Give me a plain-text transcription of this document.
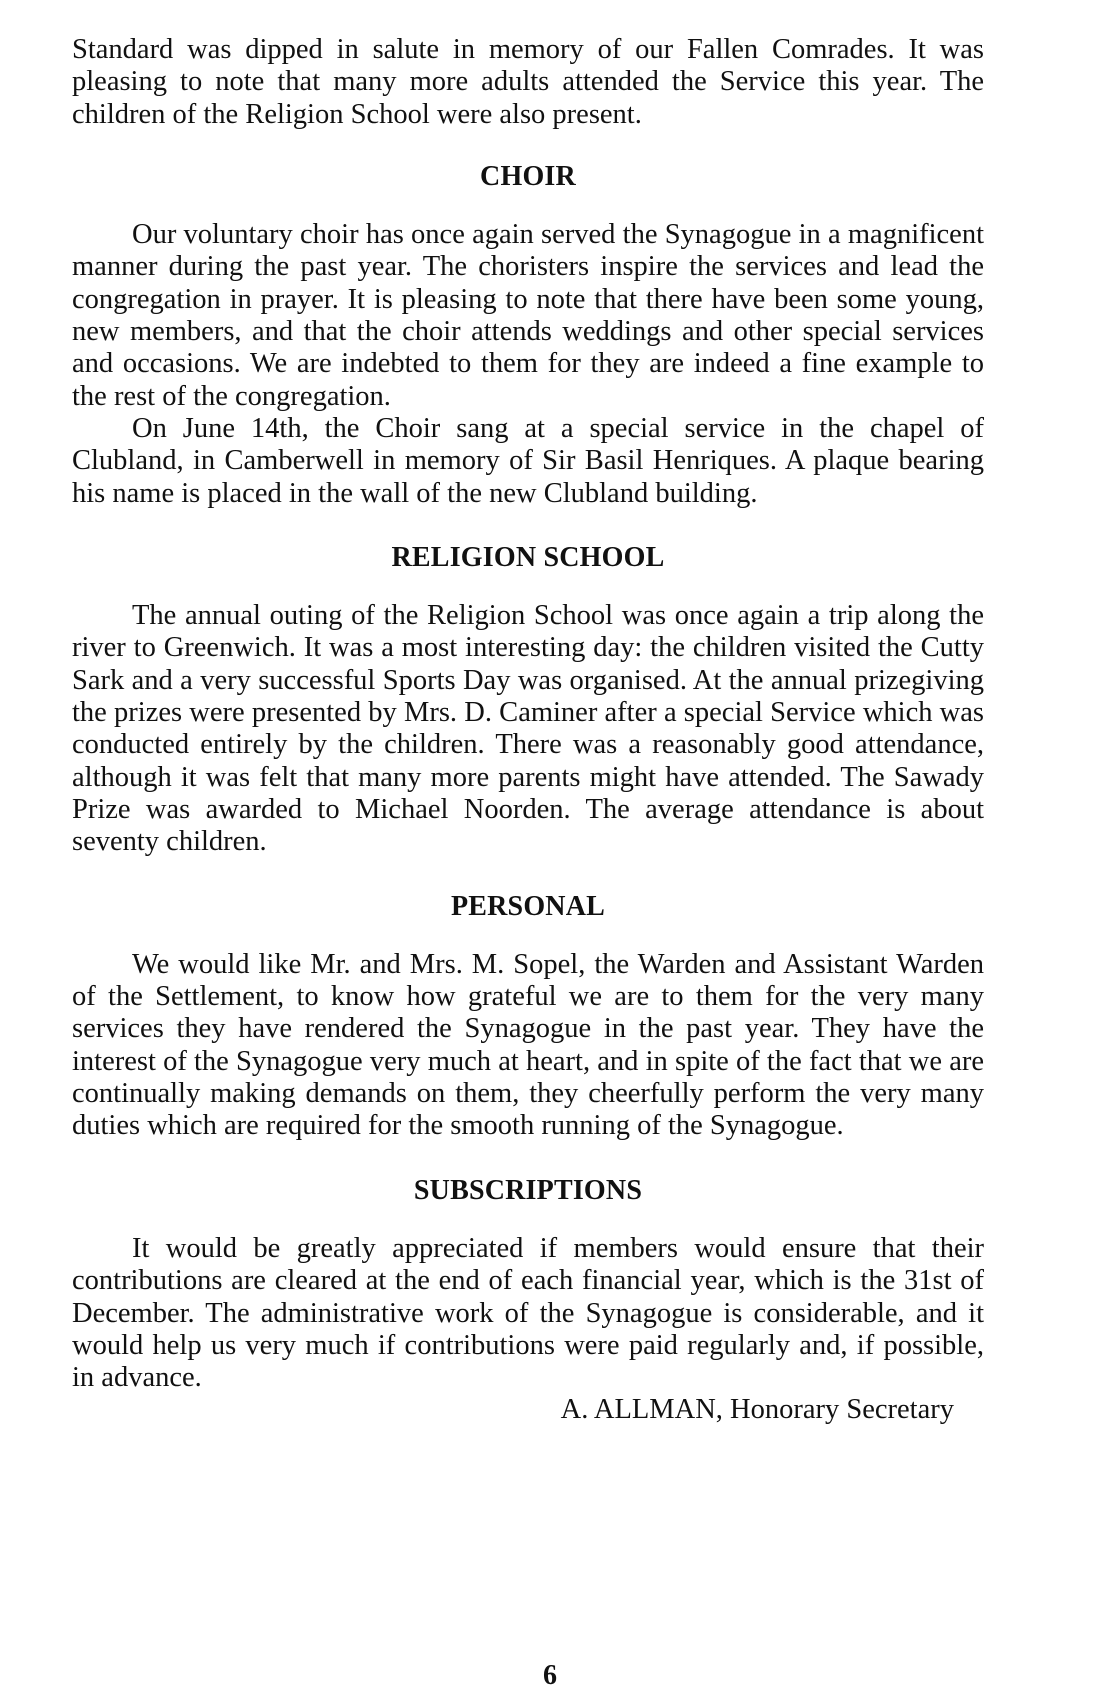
Standard was dipped in salute in memory of our Fallen Comrades. It was pleasing to note that many more adults attended the Service this year. The children of the Religion School were also present.

CHOIR

Our voluntary choir has once again served the Synagogue in a magnificent manner during the past year. The choristers inspire the services and lead the congregation in prayer. It is pleasing to note that there have been some young, new members, and that the choir attends weddings and other special services and occasions. We are indebted to them for they are indeed a fine example to the rest of the congregation.

On June 14th, the Choir sang at a special service in the chapel of Clubland, in Camberwell in memory of Sir Basil Henriques. A plaque bearing his name is placed in the wall of the new Clubland building.

RELIGION SCHOOL

The annual outing of the Religion School was once again a trip along the river to Greenwich. It was a most interesting day: the children visited the Cutty Sark and a very successful Sports Day was organised. At the annual prizegiving the prizes were presented by Mrs. D. Caminer after a special Service which was conducted entirely by the children. There was a reasonably good attendance, although it was felt that many more parents might have attended. The Sawady Prize was awarded to Michael Noorden. The average attendance is about seventy children.

PERSONAL

We would like Mr. and Mrs. M. Sopel, the Warden and Assistant Warden of the Settlement, to know how grateful we are to them for the very many services they have rendered the Synagogue in the past year. They have the interest of the Synagogue very much at heart, and in spite of the fact that we are continually making demands on them, they cheerfully perform the very many duties which are required for the smooth running of the Synagogue.

SUBSCRIPTIONS

It would be greatly appreciated if members would ensure that their contributions are cleared at the end of each financial year, which is the 31st of December. The administrative work of the Synagogue is considerable, and it would help us very much if contributions were paid regularly and, if possible, in advance.

A. ALLMAN, Honorary Secretary

6
